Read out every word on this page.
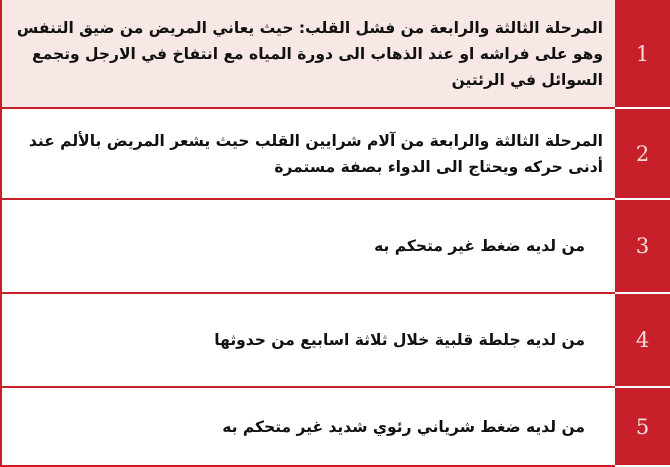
1
المرحلة الثالثة والرابعة من فشل القلب: حيث يعاني المريض من ضيق التنفس وهو على فراشه او عند الذهاب الى دورة المياه مع انتفاخ في الارجل وتجمع السوائل في الرئتين
2
المرحلة الثالثة والرابعة من آلام شرايين القلب حيث يشعر المريض بالألم عند أدنى حركه ويحتاج الى الدواء بصفة مستمرة
3
من لديه ضغط غير متحكم به
4
من لديه جلطة قلبية خلال ثلاثة اسابيع من حدوثها
5
من لديه ضغط شرياني رئوي شديد غير متحكم به
